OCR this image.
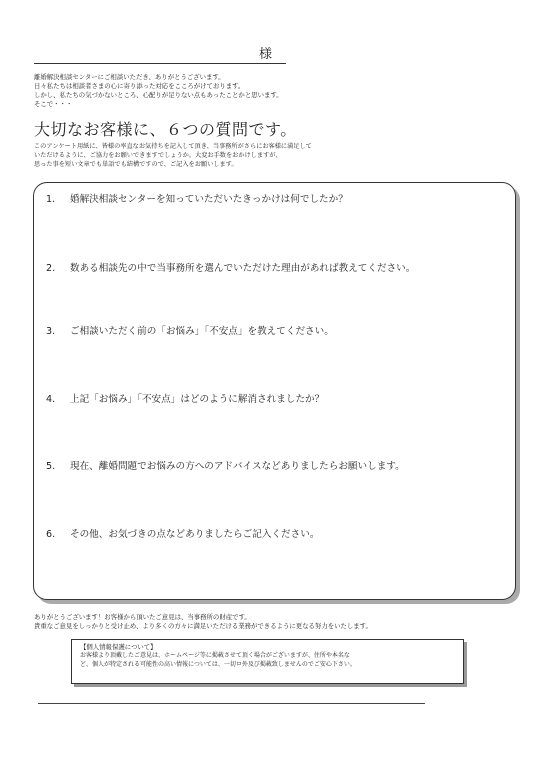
様
離婚解決相談センターにご相談いただき、ありがとうございます。
日々私たちは相談者さまの心に寄り添った対応をこころがけております。
しかし、私たちの気づかないところ、心配りが足りない点もあったことかと思います。
そこで・・・
大切なお客様に、６つの質問です。
このアンケート用紙に、皆様の率直なお気持ちを記入して頂き、当事務所がさらにお客様に満足して
いただけるように、ご協力をお願いできますでしょうか。大変お手数をおかけしますが、
思った事を短い文章でも単語でも結構ですので、ご記入をお願いします。
1. 婚解決相談センターを知っていただいたきっかけは何でしたか？
2. 数ある相談先の中で当事務所を選んでいただけた理由があれば教えてください。
3. ご相談いただく前の「お悩み」「不安点」を教えてください。
4. 上記「お悩み」「不安点」はどのように解消されましたか？
5. 現在、離婚問題でお悩みの方へのアドバイスなどありましたらお願いします。
6. その他、お気づきの点などありましたらご記入ください。
ありがとうございます！お客様から頂いたご意見は、当事務所の財産です。
貴重なご意見をしっかりと受け止め、より多くの方々に満足いただける業務ができるように更なる努力をいたします。
【個人情報保護について】
お客様より頂戴したご意見は、ホームページ等に掲載させて頂く場合がございますが、住所や本名な
ど、個人が特定される可能性の高い情報については、一切ロ外及び掲載致しませんのでご安心下さい。
